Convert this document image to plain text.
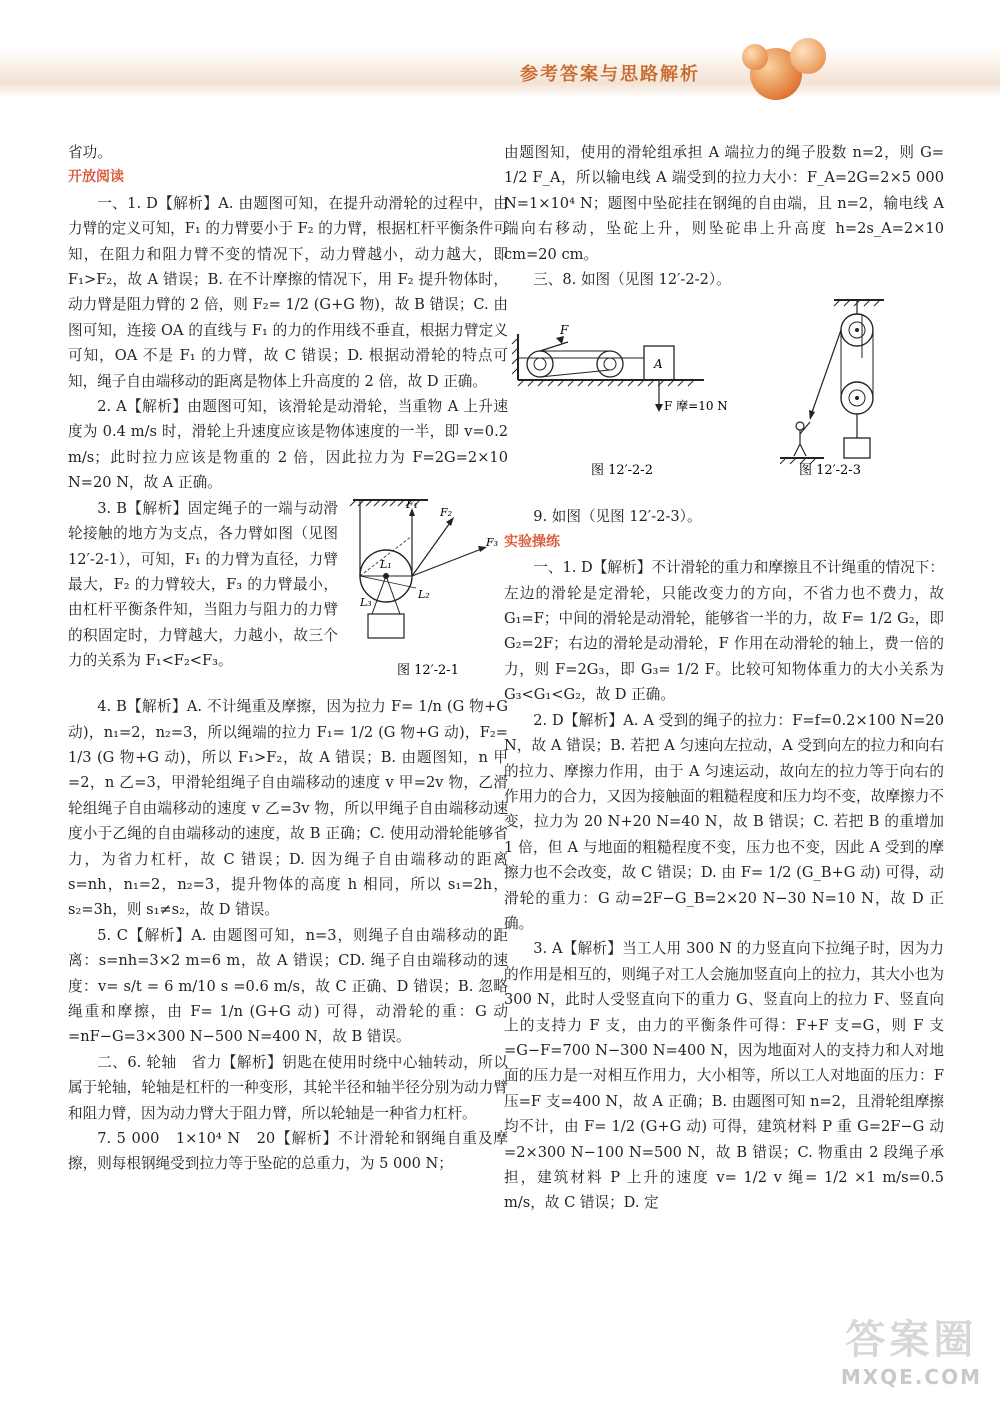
参考答案与思路解析

省功。

开放阅读

一、1. D【解析】A. 由题图可知，在提升动滑轮的过程中，由力臂的定义可知，F₁ 的力臂要小于 F₂ 的力臂，根据杠杆平衡条件可知，在阻力和阻力臂不变的情况下，动力臂越小，动力越大，即 F₁>F₂，故 A 错误；B. 在不计摩擦的情况下，用 F₂ 提升物体时，动力臂是阻力臂的 2 倍，则 F₂= 1/2 (G+G 物)，故 B 错误；C. 由图可知，连接 OA 的直线与 F₁ 的力的作用线不垂直，根据力臂定义可知，OA 不是 F₁ 的力臂，故 C 错误；D. 根据动滑轮的特点可知，绳子自由端移动的距离是物体上升高度的 2 倍，故 D 正确。

2. A【解析】由题图可知，该滑轮是动滑轮，当重物 A 上升速度为 0.4 m/s 时，滑轮上升速度应该是物体速度的一半，即 v=0.2 m/s；此时拉力应该是物重的 2 倍，因此拉力为 F=2G=2×10 N=20 N，故 A 正确。

F₁
F₂
F₃
L₁
L₂
L₃
图 12′-2-1

3. B【解析】固定绳子的一端与动滑轮接触的地方为支点，各力臂如图（见图 12′-2-1），可知，F₁ 的力臂为直径，力臂最大，F₂ 的力臂较大，F₃ 的力臂最小，由杠杆平衡条件知，当阻力与阻力的力臂的积固定时，力臂越大，力越小，故三个力的关系为 F₁<F₂<F₃。

4. B【解析】A. 不计绳重及摩擦，因为拉力 F= 1/n (G 物+G 动)，n₁=2，n₂=3，所以绳端的拉力 F₁= 1/2 (G 物+G 动)，F₂= 1/3 (G 物+G 动)，所以 F₁>F₂，故 A 错误；B. 由题图知，n 甲=2，n 乙=3，甲滑轮组绳子自由端移动的速度 v 甲=2v 物，乙滑轮组绳子自由端移动的速度 v 乙=3v 物，所以甲绳子自由端移动速度小于乙绳的自由端移动的速度，故 B 正确；C. 使用动滑轮能够省力，为省力杠杆，故 C 错误；D. 因为绳子自由端移动的距离 s=nh，n₁=2，n₂=3，提升物体的高度 h 相同，所以 s₁=2h，s₂=3h，则 s₁≠s₂，故 D 错误。

5. C【解析】A. 由题图可知，n=3，则绳子自由端移动的距离：s=nh=3×2 m=6 m，故 A 错误；CD. 绳子自由端移动的速度：v= s/t = 6 m/10 s =0.6 m/s，故 C 正确、D 错误；B. 忽略绳重和摩擦，由 F= 1/n (G+G 动) 可得，动滑轮的重：G 动=nF−G=3×300 N−500 N=400 N，故 B 错误。

二、6. 轮轴　省力【解析】钥匙在使用时绕中心轴转动，所以属于轮轴，轮轴是杠杆的一种变形，其轮半径和轴半径分别为动力臂和阻力臂，因为动力臂大于阻力臂，所以轮轴是一种省力杠杆。

7. 5 000　1×10⁴ N　20【解析】不计滑轮和钢绳自重及摩擦，则每根钢绳受到拉力等于坠砣的总重力，为 5 000 N；

由题图知，使用的滑轮组承担 A 端拉力的绳子股数 n=2，则 G= 1/2 F_A，所以输电线 A 端受到的拉力大小：F_A=2G=2×5 000 N=1×10⁴ N；题图中坠砣挂在钢绳的自由端，且 n=2，输电线 A 端向右移动，坠砣上升，则坠砣串上升高度 h=2s_A=2×10 cm=20 cm。

三、8. 如图（见图 12′-2-2）。

F
A
F 摩=10 N
图 12′-2-2	图 12′-2-3

9. 如图（见图 12′-2-3）。

实验操练

一、1. D【解析】不计滑轮的重力和摩擦且不计绳重的情况下：左边的滑轮是定滑轮，只能改变力的方向，不省力也不费力，故 G₁=F；中间的滑轮是动滑轮，能够省一半的力，故 F= 1/2 G₂，即 G₂=2F；右边的滑轮是动滑轮，F 作用在动滑轮的轴上，费一倍的力，则 F=2G₃，即 G₃= 1/2 F。比较可知物体重力的大小关系为 G₃<G₁<G₂，故 D 正确。

2. D【解析】A. A 受到的绳子的拉力：F=f=0.2×100 N=20 N，故 A 错误；B. 若把 A 匀速向左拉动，A 受到向左的拉力和向右的拉力、摩擦力作用，由于 A 匀速运动，故向左的拉力等于向右的作用力的合力，又因为接触面的粗糙程度和压力均不变，故摩擦力不变，拉力为 20 N+20 N=40 N，故 B 错误；C. 若把 B 的重增加 1 倍，但 A 与地面的粗糙程度不变，压力也不变，因此 A 受到的摩擦力也不会改变，故 C 错误；D. 由 F= 1/2 (G_B+G 动) 可得，动滑轮的重力：G 动=2F−G_B=2×20 N−30 N=10 N，故 D 正确。

3. A【解析】当工人用 300 N 的力竖直向下拉绳子时，因为力的作用是相互的，则绳子对工人会施加竖直向上的拉力，其大小也为 300 N，此时人受竖直向下的重力 G、竖直向上的拉力 F、竖直向上的支持力 F 支，由力的平衡条件可得：F+F 支=G，则 F 支=G−F=700 N−300 N=400 N，因为地面对人的支持力和人对地面的压力是一对相互作用力，大小相等，所以工人对地面的压力：F 压=F 支=400 N，故 A 正确；B. 由题图可知 n=2，且滑轮组摩擦均不计，由 F= 1/2 (G+G 动) 可得，建筑材料 P 重 G=2F−G 动=2×300 N−100 N=500 N，故 B 错误；C. 物重由 2 段绳子承担，建筑材料 P 上升的速度 v= 1/2 v 绳= 1/2 ×1 m/s=0.5 m/s，故 C 错误；D. 定

答案圈
MXQE.COM
